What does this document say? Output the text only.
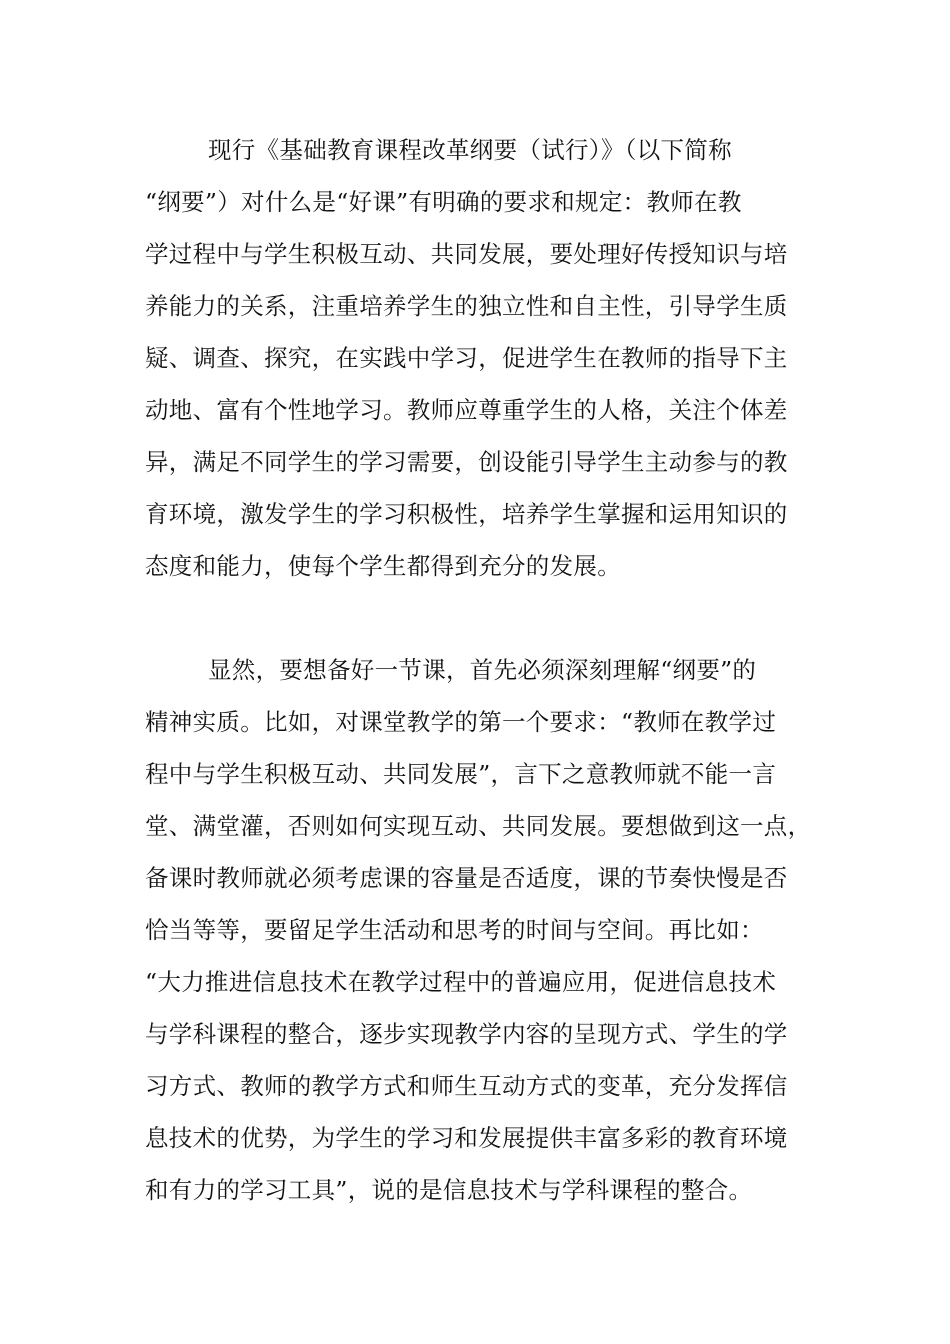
现行《基础教育课程改革纲要（试行）》（以下简称
“纲要”）对什么是“好课”有明确的要求和规定：教师在教
学过程中与学生积极互动、共同发展，要处理好传授知识与培
养能力的关系，注重培养学生的独立性和自主性，引导学生质
疑、调查、探究，在实践中学习，促进学生在教师的指导下主
动地、富有个性地学习。教师应尊重学生的人格，关注个体差
异，满足不同学生的学习需要，创设能引导学生主动参与的教
育环境，激发学生的学习积极性，培养学生掌握和运用知识的
态度和能力，使每个学生都得到充分的发展。
显然，要想备好一节课，首先必须深刻理解“纲要”的
精神实质。比如，对课堂教学的第一个要求：“教师在教学过
程中与学生积极互动、共同发展”，言下之意教师就不能一言
堂、满堂灌，否则如何实现互动、共同发展。要想做到这一点，
备课时教师就必须考虑课的容量是否适度，课的节奏快慢是否
恰当等等，要留足学生活动和思考的时间与空间。再比如：
“大力推进信息技术在教学过程中的普遍应用，促进信息技术
与学科课程的整合，逐步实现教学内容的呈现方式、学生的学
习方式、教师的教学方式和师生互动方式的变革，充分发挥信
息技术的优势，为学生的学习和发展提供丰富多彩的教育环境
和有力的学习工具”，说的是信息技术与学科课程的整合。
